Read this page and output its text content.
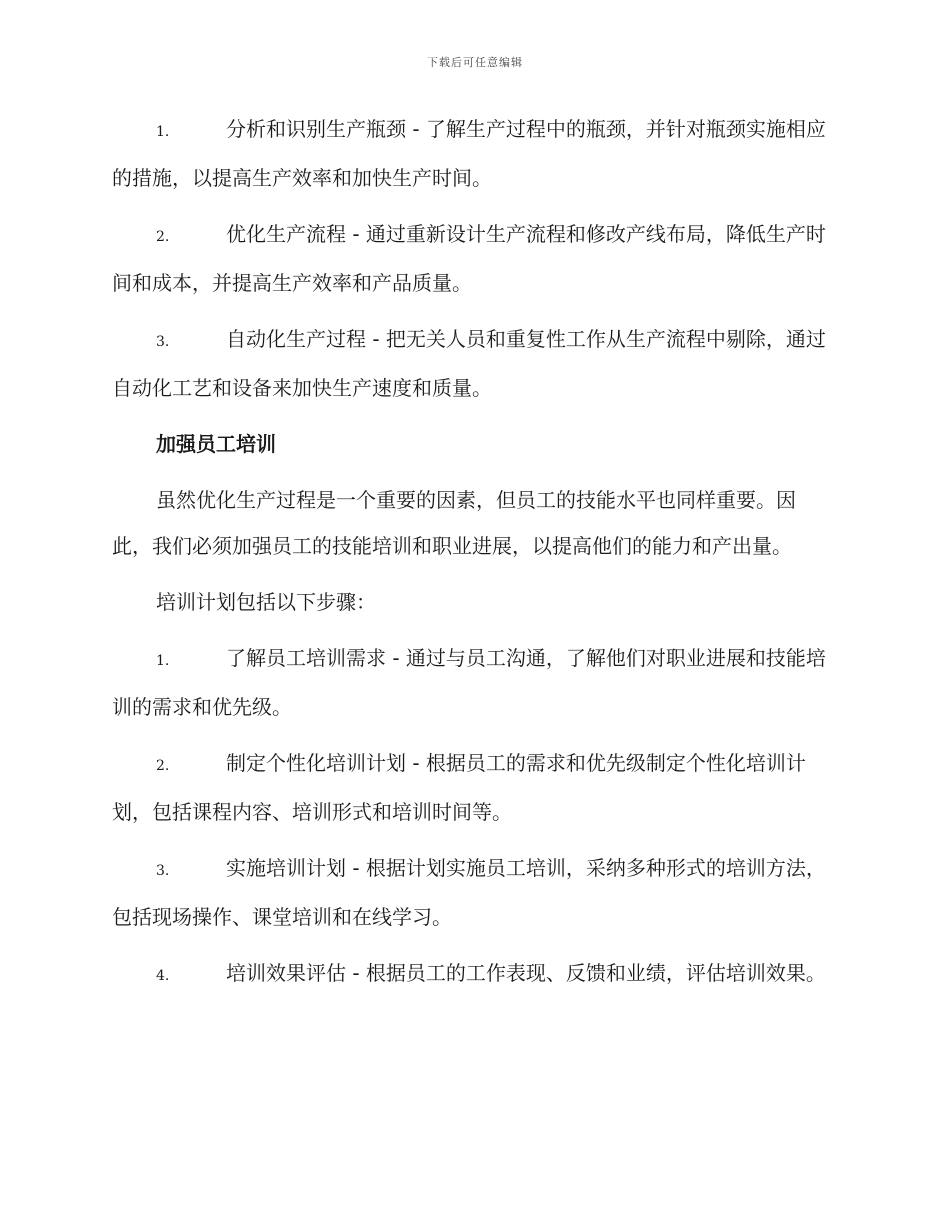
下载后可任意编辑

1.	分析和识别生产瓶颈 - 了解生产过程中的瓶颈，并针对瓶颈实施相应的措施，以提高生产效率和加快生产时间。

2.	优化生产流程 - 通过重新设计生产流程和修改产线布局，降低生产时间和成本，并提高生产效率和产品质量。

3.	自动化生产过程 - 把无关人员和重复性工作从生产流程中剔除，通过自动化工艺和设备来加快生产速度和质量。

加强员工培训

虽然优化生产过程是一个重要的因素，但员工的技能水平也同样重要。因此，我们必须加强员工的技能培训和职业进展，以提高他们的能力和产出量。

培训计划包括以下步骤：

1.	了解员工培训需求 - 通过与员工沟通，了解他们对职业进展和技能培训的需求和优先级。

2.	制定个性化培训计划 - 根据员工的需求和优先级制定个性化培训计划，包括课程内容、培训形式和培训时间等。

3.	实施培训计划 - 根据计划实施员工培训，采纳多种形式的培训方法，包括现场操作、课堂培训和在线学习。

4.	培训效果评估 - 根据员工的工作表现、反馈和业绩，评估培训效果。
